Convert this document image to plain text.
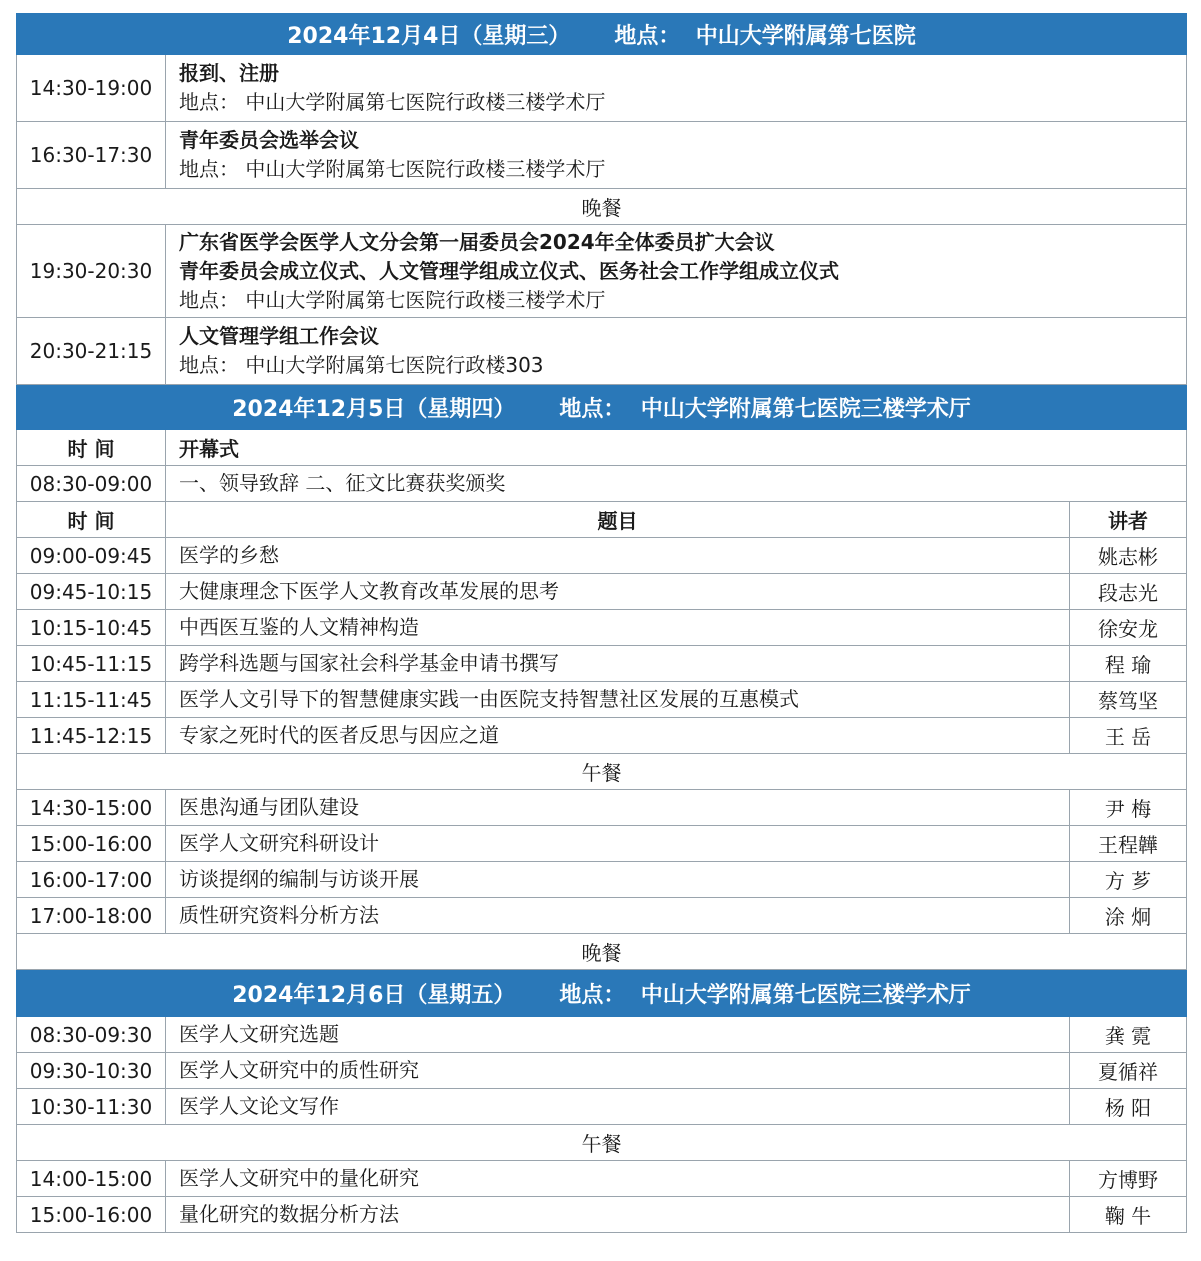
2024年12月4日（星期三） 地点： 中山大学附属第七医院		
14:30-19:00	报到、注册
地点： 中山大学附属第七医院行政楼三楼学术厅	

16:30-17:30	青年委员会选举会议
地点： 中山大学附属第七医院行政楼三楼学术厅	

晚餐		
19:30-20:30	广东省医学会医学人文分会第一届委员会2024年全体委员扩大会议
青年委员会成立仪式、人文管理学组成立仪式、医务社会工作学组成立仪式
地点： 中山大学附属第七医院行政楼三楼学术厅	

20:30-21:15	人文管理学组工作会议
地点： 中山大学附属第七医院行政楼303	

2024年12月5日（星期四） 地点： 中山大学附属第七医院三楼学术厅		
时 间	开幕式	
08:30-09:00	一、领导致辞 二、征文比赛获奖颁奖	
时 间	题目	讲者
09:00-09:45	医学的乡愁	姚志彬
09:45-10:15	大健康理念下医学人文教育改革发展的思考	段志光
10:15-10:45	中西医互鉴的人文精神构造	徐安龙
10:45-11:15	跨学科选题与国家社会科学基金申请书撰写	程 瑜
11:15-11:45	医学人文引导下的智慧健康实践一由医院支持智慧社区发展的互惠模式	蔡笃坚
11:45-12:15	专家之死时代的医者反思与因应之道	王 岳
午餐		
14:30-15:00	医患沟通与团队建设	尹 梅
15:00-16:00	医学人文研究科研设计	王程韡
16:00-17:00	访谈提纲的编制与访谈开展	方 芗
17:00-18:00	质性研究资料分析方法	涂 炯
晚餐		
2024年12月6日（星期五） 地点： 中山大学附属第七医院三楼学术厅		
08:30-09:30	医学人文研究选题	龚 霓
09:30-10:30	医学人文研究中的质性研究	夏循祥
10:30-11:30	医学人文论文写作	杨 阳
午餐		
14:00-15:00	医学人文研究中的量化研究	方博野
15:00-16:00	量化研究的数据分析方法	鞠 牛
